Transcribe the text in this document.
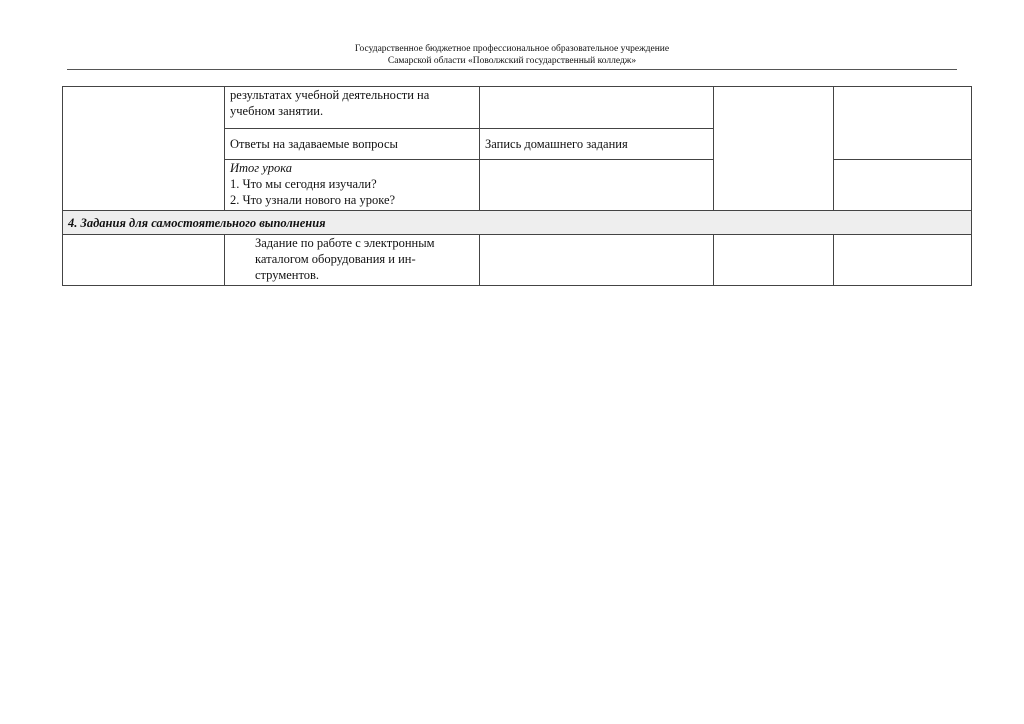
Государственное бюджетное профессиональное образовательное учреждение
Самарской области «Поволжский государственный колледж»

	результатах учебной деятельности на
учебном занятии.			

	Ответы на задаваемые вопросы	Запись домашнего задания		

	Итог урока
1. Что мы сегодня изучали?
2. Что узнали нового на уроке?			

4. Задания для самостоятельного выполнения				

	Задание по работе с электронным
каталогом оборудования и ин-
струментов.			
